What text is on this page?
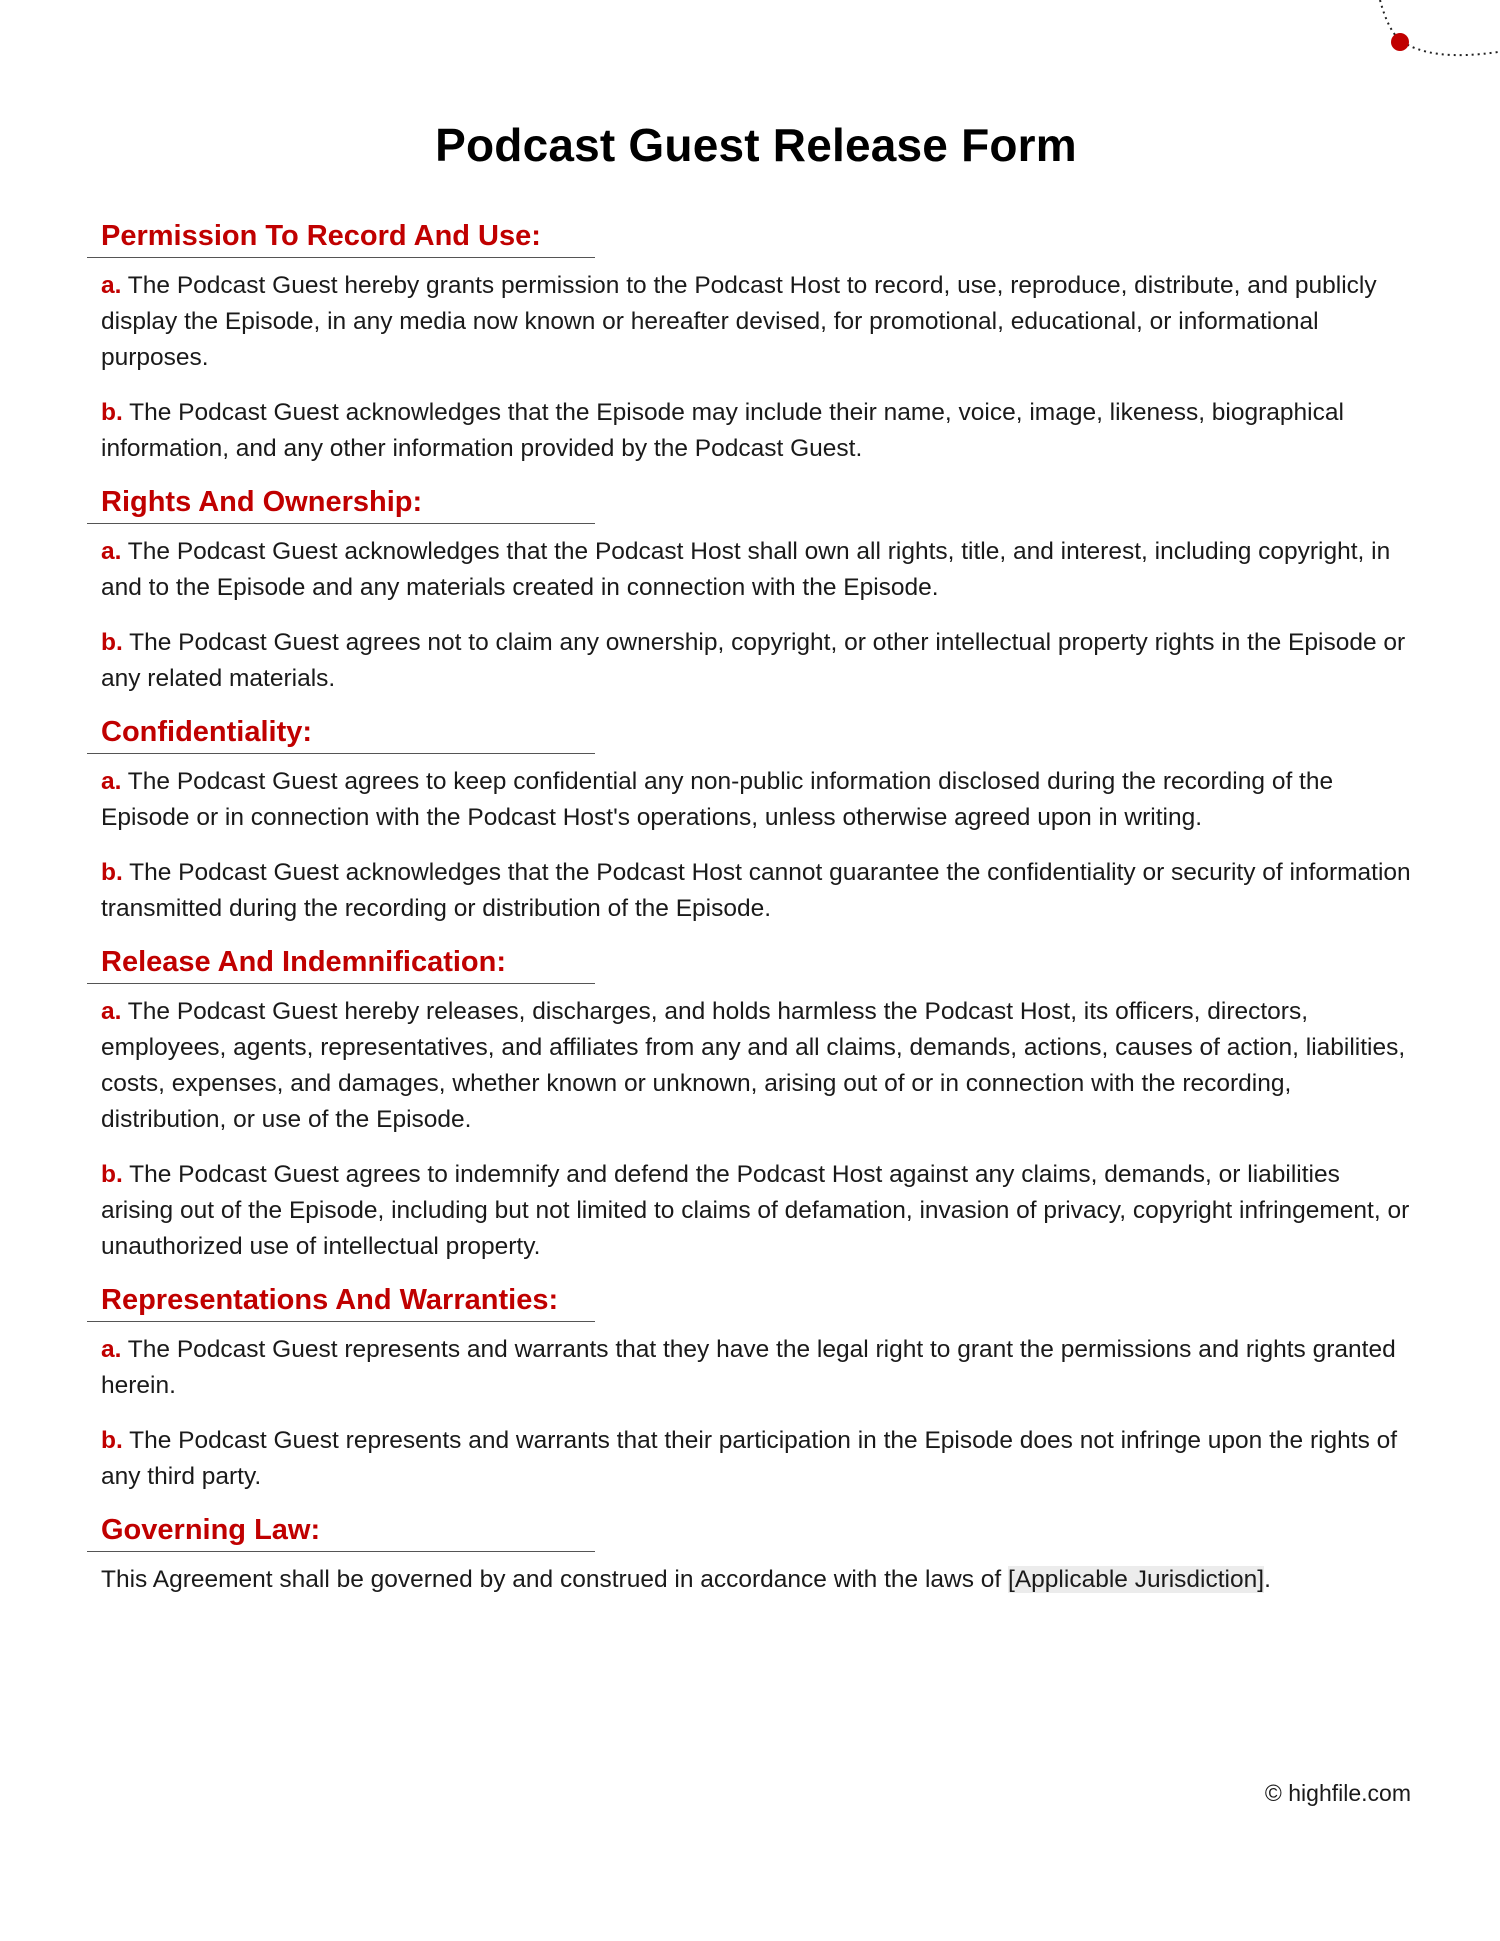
Podcast Guest Release Form
Permission To Record And Use:

a. The Podcast Guest hereby grants permission to the Podcast Host to record, use, reproduce, distribute, and publicly display the Episode, in any media now known or hereafter devised, for promotional, educational, or informational purposes.

b. The Podcast Guest acknowledges that the Episode may include their name, voice, image, likeness, biographical information, and any other information provided by the Podcast Guest.

Rights And Ownership:

a. The Podcast Guest acknowledges that the Podcast Host shall own all rights, title, and interest, including copyright, in and to the Episode and any materials created in connection with the Episode.

b. The Podcast Guest agrees not to claim any ownership, copyright, or other intellectual property rights in the Episode or any related materials.

Confidentiality:

a. The Podcast Guest agrees to keep confidential any non-public information disclosed during the recording of the Episode or in connection with the Podcast Host's operations, unless otherwise agreed upon in writing.

b. The Podcast Guest acknowledges that the Podcast Host cannot guarantee the confidentiality or security of information transmitted during the recording or distribution of the Episode.

Release And Indemnification:

a. The Podcast Guest hereby releases, discharges, and holds harmless the Podcast Host, its officers, directors, employees, agents, representatives, and affiliates from any and all claims, demands, actions, causes of action, liabilities, costs, expenses, and damages, whether known or unknown, arising out of or in connection with the recording, distribution, or use of the Episode.

b. The Podcast Guest agrees to indemnify and defend the Podcast Host against any claims, demands, or liabilities arising out of the Episode, including but not limited to claims of defamation, invasion of privacy, copyright infringement, or unauthorized use of intellectual property.

Representations And Warranties:

a. The Podcast Guest represents and warrants that they have the legal right to grant the permissions and rights granted herein.

b. The Podcast Guest represents and warrants that their participation in the Episode does not infringe upon the rights of any third party.

Governing Law:

This Agreement shall be governed by and construed in accordance with the laws of [Applicable Jurisdiction].

© highfile.com
